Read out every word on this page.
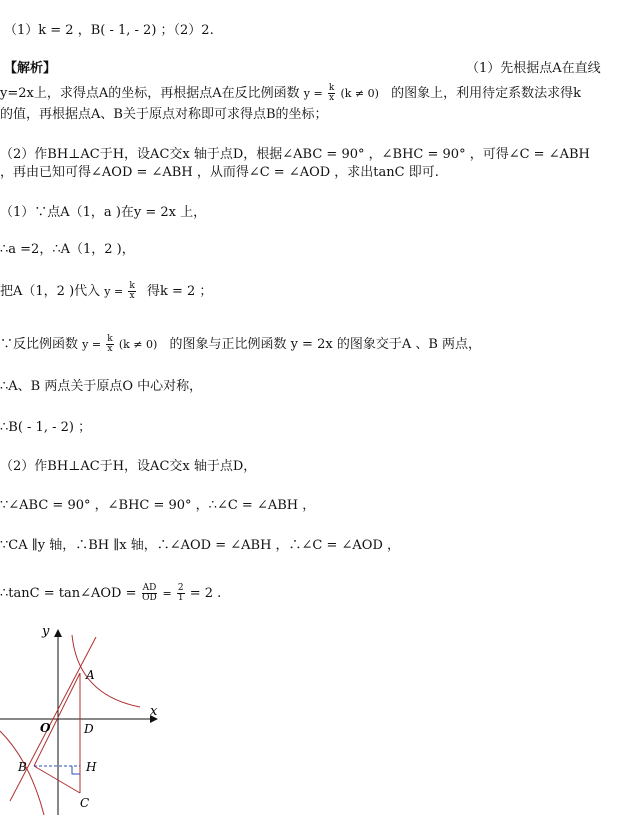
（1）k = 2 ，B( - 1, - 2) ；（2）2.
【解析】	（1）先根据点A在直线
y=2x上，求得点A的坐标，再根据点A在反比例函数 $y = \frac{k}{x} (k \ne 0)$ 的图象上，利用待定系数法求得k
的值，再根据点A、B关于原点对称即可求得点B的坐标；
（2）作BH⊥AC于H，设AC交x 轴于点D，根据∠ABC = 90° ，∠BHC = 90° ，可得∠C = ∠ABH
，再由已知可得∠AOD = ∠ABH ，从而得∠C = ∠AOD ，求出tanC 即可.
（1）∵点A（1，a )在y = 2x 上，
∴a =2，∴A（1，2 )，
把A（1，2 )代入 $y = \frac{k}{x}$ 得k = 2 ；
∵反比例函数 $y = \frac{k}{x} (k \ne 0)$ 的图象与正比例函数 y = 2x 的图象交于A 、B 两点，
∴A、B 两点关于原点O 中心对称，
∴B( - 1, - 2) ；
（2）作BH⊥AC于H，设AC交x 轴于点D，
∵∠ABC = 90° ，∠BHC = 90° ，∴∠C = ∠ABH ，
∵CA ∥y 轴，∴BH ∥x 轴，∴∠AOD = ∠ABH ，∴∠C = ∠AOD ，
∴tanC = tan∠AOD = $\frac{AD}{OD} = \frac{2}{1} = 2$ .
y
x
O
A
D
B	H
C
